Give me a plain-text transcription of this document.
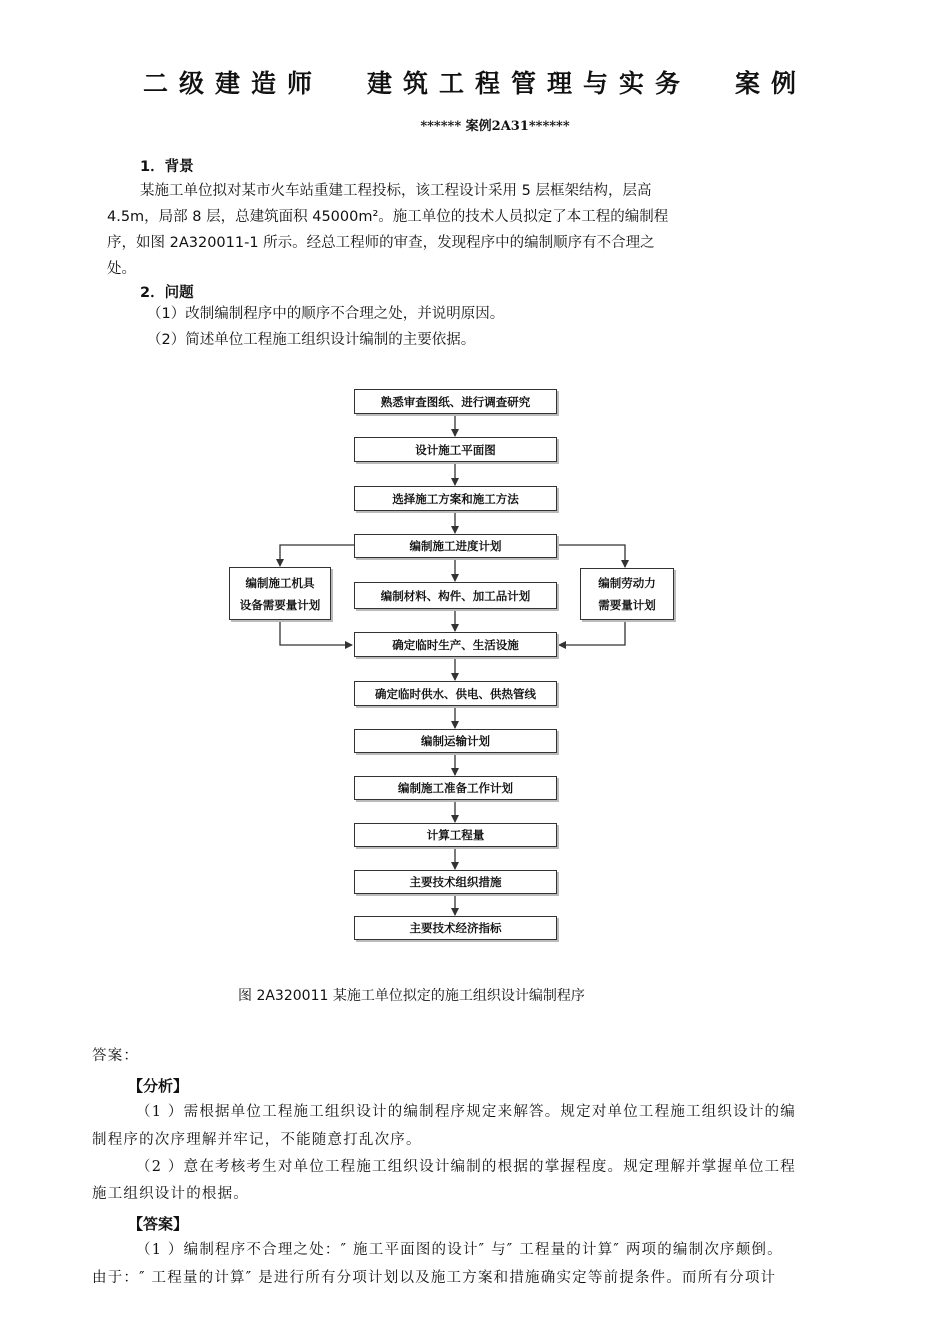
二级建造师 建筑工程管理与实务 案例
****** 案例2A31******
1．背景
某施工单位拟对某市火车站重建工程投标，该工程设计采用 5 层框架结构，层高
4.5m，局部 8 层，总建筑面积 45000m²。施工单位的技术人员拟定了本工程的编制程
序，如图 2A320011-1 所示。经总工程师的审查，发现程序中的编制顺序有不合理之
处。
2．问题
（1）改制编制程序中的顺序不合理之处，并说明原因。
（2）简述单位工程施工组织设计编制的主要依据。
熟悉审查图纸、进行调查研究
设计施工平面图
选择施工方案和施工方法
编制施工进度计划
编制材料、构件、加工品计划
确定临时生产、生活设施
确定临时供水、供电、供热管线
编制运输计划
编制施工准备工作计划
计算工程量
主要技术组织措施
主要技术经济指标
编制施工机具
设备需要量计划
编制劳动力
需要量计划
图 2A320011 某施工单位拟定的施工组织设计编制程序
答案：
【分析】
（1 ）需根据单位工程施工组织设计的编制程序规定来解答。规定对单位工程施工组织设计的编
制程序的次序理解并牢记，不能随意打乱次序。
（2 ）意在考核考生对单位工程施工组织设计编制的根据的掌握程度。规定理解并掌握单位工程
施工组织设计的根据。
【答案】
（1 ）编制程序不合理之处：″ 施工平面图的设计″ 与″ 工程量的计算″ 两项的编制次序颠倒。
由于：″ 工程量的计算″ 是进行所有分项计划以及施工方案和措施确实定等前提条件。而所有分项计
